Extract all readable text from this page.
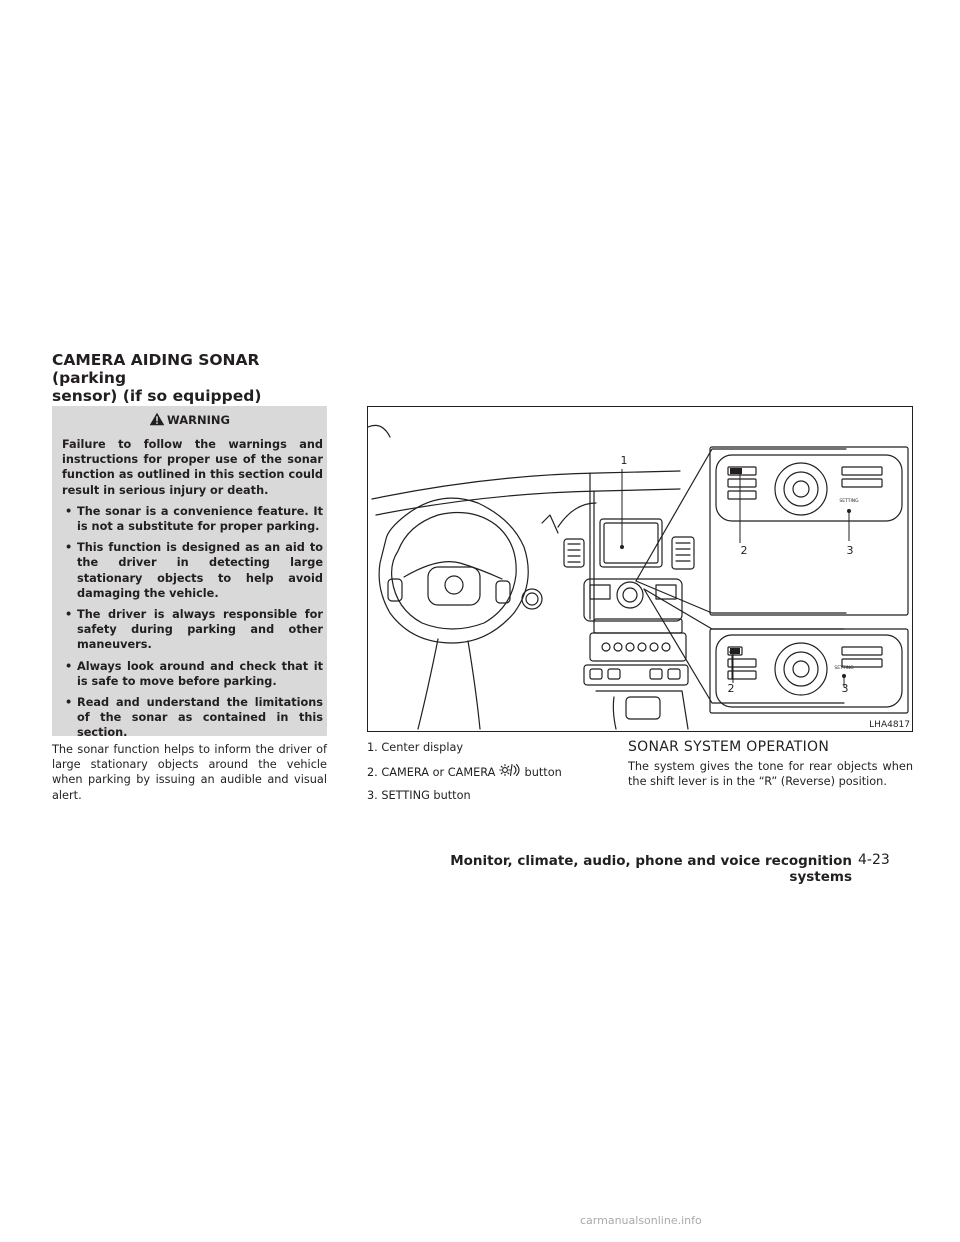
CAMERA AIDING SONAR (parking
sensor) (if so equipped)
WARNING

Failure to follow the warnings and instructions for proper use of the sonar function as outlined in this section could result in serious injury or death.

• The sonar is a convenience feature. It is not a substitute for proper parking.
• This function is designed as an aid to the driver in detecting large stationary objects to help avoid damaging the vehicle.
• The driver is always responsible for safety during parking and other maneuvers.
• Always look around and check that it is safe to move before parking.
• Read and understand the limitations of the sonar as contained in this section.
The sonar function helps to inform the driver of large stationary objects around the vehicle when parking by issuing an audible and visual alert.
1
2	3
2	3
SETTING
SETTING
LHA4817
1. Center display
2. CAMERA or CAMERA	button
3. SETTING button
SONAR SYSTEM OPERATION
The system gives the tone for rear objects when the shift lever is in the “R” (Reverse) position.
Monitor, climate, audio, phone and voice recognition systems
4-23
carmanualsonline.info
